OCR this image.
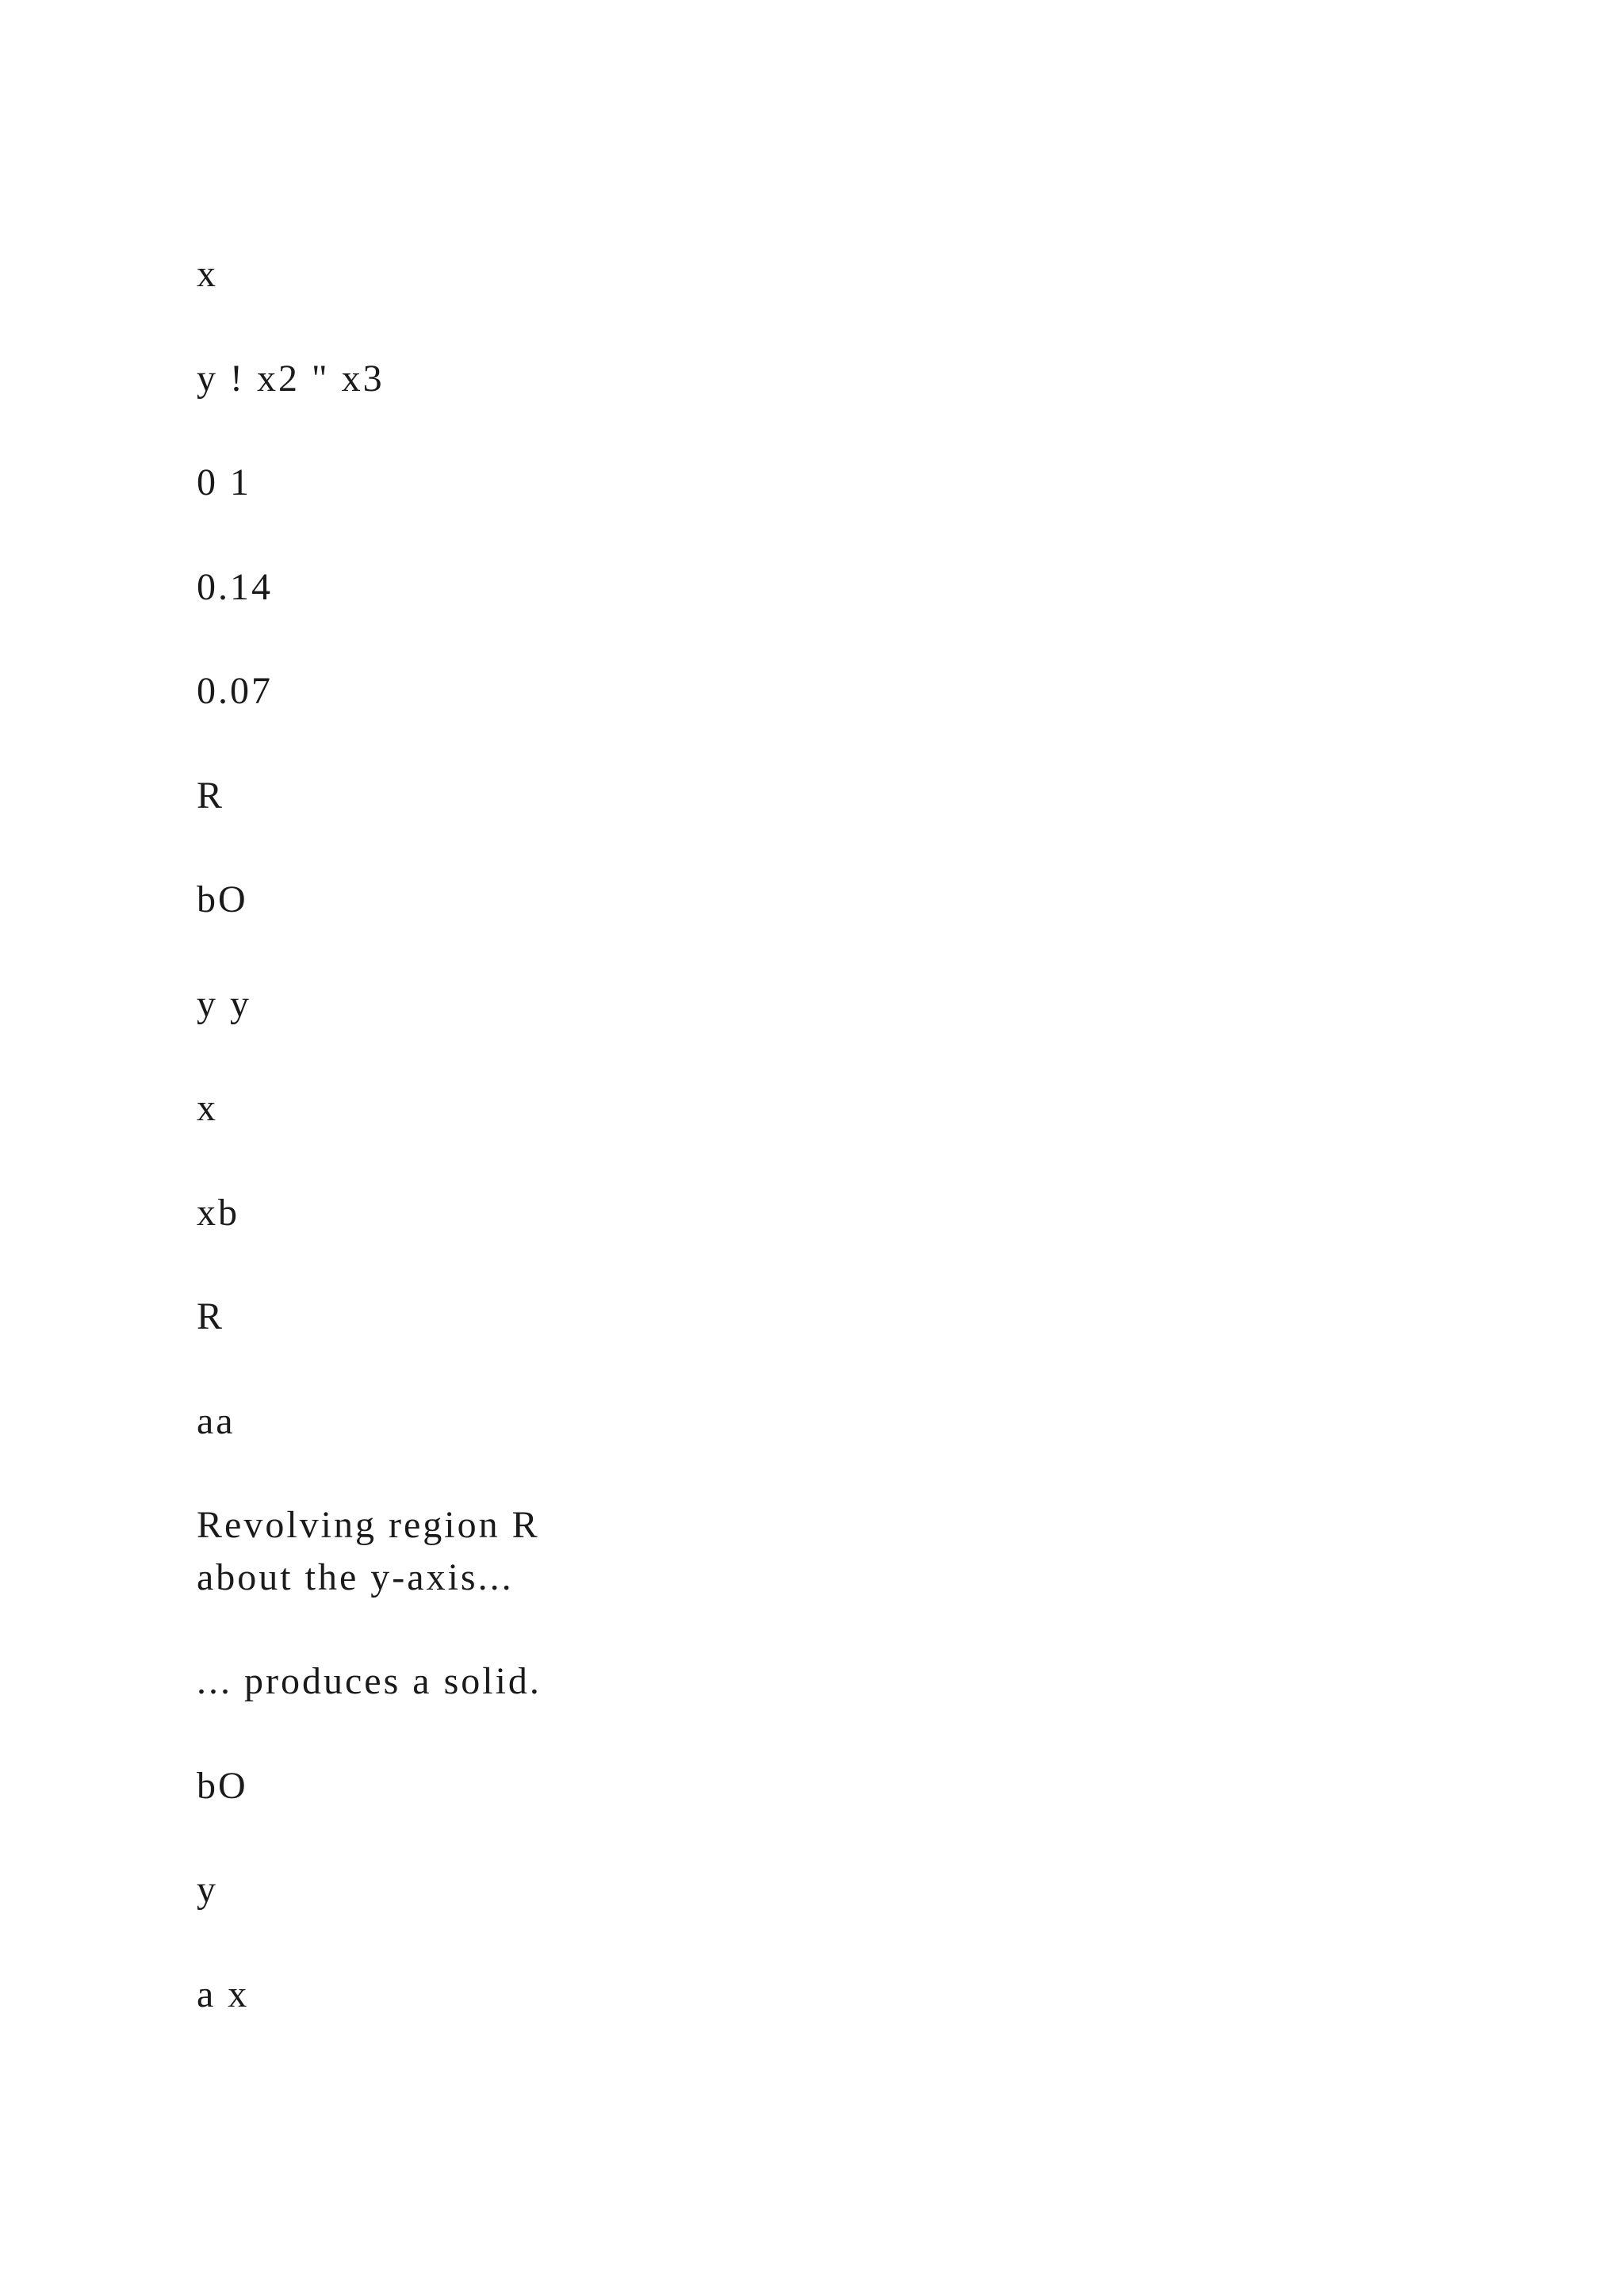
x

y ! x2 " x3

0 1

0.14

0.07

R

bO

y y

x

xb

R

aa

Revolving region R

about the y-axis...

... produces a solid.

bO

y

a x
